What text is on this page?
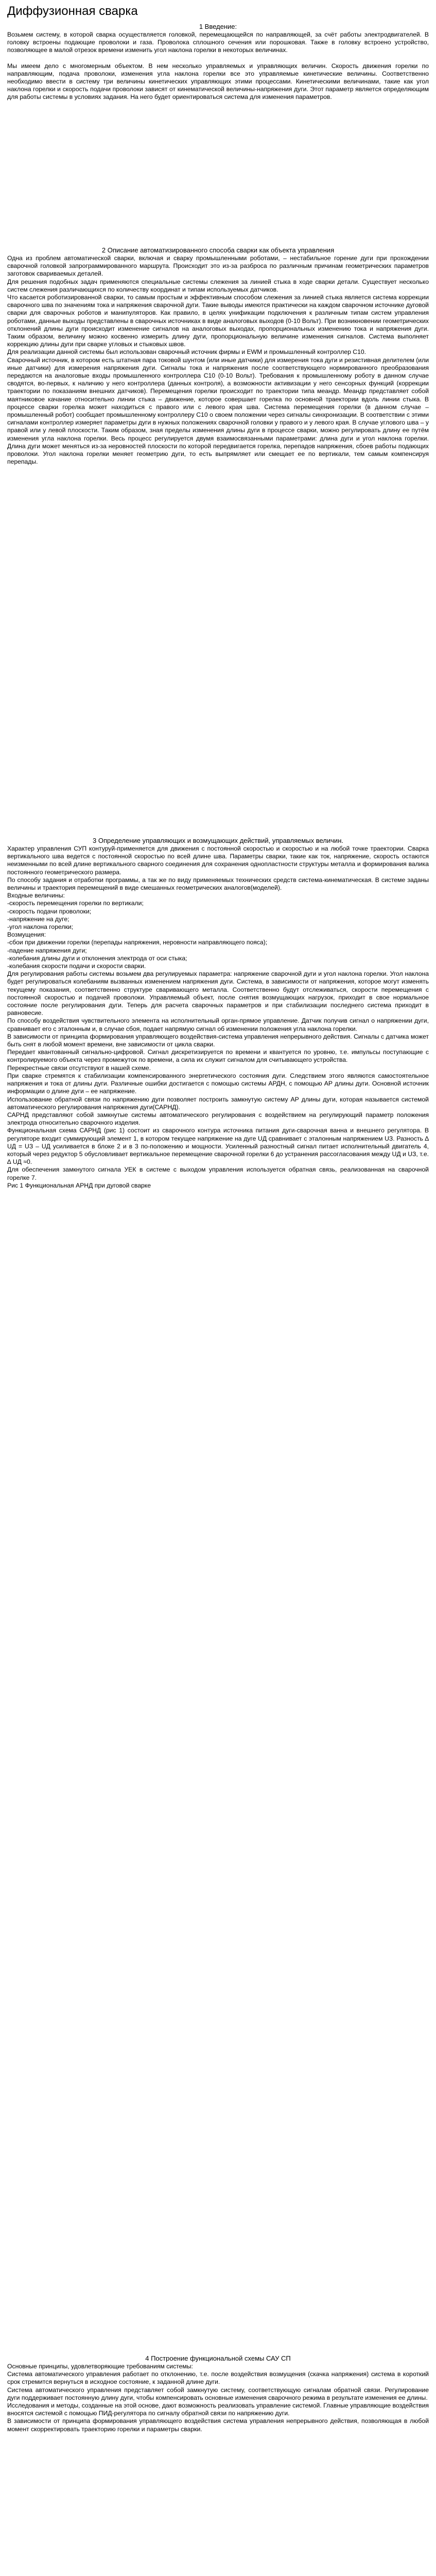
Диффузионная сварка

1 Введение:

Возьмем систему, в которой сварка осуществляется головкой, перемещающейся по направляющей, за счёт работы электродвигателей. В головку встроены подающие проволоки и газа. Проволока сплошного сечения или порошковая. Также в головку встроено устройство, позволяющее в малой отрезок времени изменить угол наклона горелки в некоторых величинах.

Мы имеем дело с многомерным объектом. В нем несколько управляемых и управляющих величин. Скорость движения горелки по направляющим, подача проволоки, изменения угла наклона горелки все это управляемые кинетические величины. Соответственно необходимо ввести в систему три величины кинетических управляющих этими процессами. Кинетическими величинами, такие как угол наклона горелки и скорость подачи проволоки зависят от кинематической величины-напряжения дуги. Этот параметр является определяющим для работы системы в условиях задания. На него будет ориентироваться система для изменения параметров.

2 Описание автоматизированного способа сварки как объекта управления

Одна из проблем автоматической сварки, включая и сварку промышленными роботами, – нестабильное горение дуги при прохождении сварочной головкой запрограммированного маршрута. Происходит это из-за разброса по различным причинам геометрических параметров заготовок свариваемых деталей.

Для решения подобных задач применяются специальные системы слежения за линией стыка в ходе сварки детали. Существует несколько систем слежения различающихся по количеству координат и типам используемых датчиков.

Что касается роботизированной сварки, то самым простым и эффективным способом слежения за линией стыка является система коррекции сварочного шва по значениям тока и напряжения сварочной дуги. Такие выводы имеются практически на каждом сварочном источнике дуговой сварки для сварочных роботов и манипуляторов. Как правило, в целях унификации подключения к различным типам систем управления роботами, данные выходы представлены в сварочных источниках в виде аналоговых выходов (0-10 Вольт). При возникновении геометрических отклонений длины дуги происходит изменение сигналов на аналоговых выходах, пропорциональных изменению тока и напряжения дуги. Таким образом, величину можно косвенно измерить длину дуги, пропорциональную величине изменения сигналов. Система выполняет коррекцию длины дуги при сварке угловых и стыковых швов.

Для реализации данной системы был использован сварочный источник фирмы и EWM и промышленный контроллер С10.

Сварочный источник, в котором есть штатная пара токовой шунтом (или иные датчики) для измерения тока дуги и резистивная делителем (или иные датчики) для измерения напряжения дуги. Сигналы тока и напряжения после соответствующего нормированного преобразования передаются на аналоговые входы промышленного контроллера С10 (0-10 Вольт). Требования к промышленному роботу в данном случае сводятся, во-первых, к наличию у него контроллера (данных контроля), а возможности активизации у него сенсорных функций (коррекции траектории по показаниям внешних датчиков). Перемещения горелки происходит по траектории типа меандр. Меандр представляет собой маятниковое качание относительно линии стыка – движение, которое совершает горелка по основной траектории вдоль линии стыка. В процессе сварки горелка может находиться с правого или с левого края шва. Система перемещения горелки (в данном случае – промышленный робот) сообщает промышленному контроллеру С10 о своем положении через сигналы синхронизации. В соответствии с этими сигналами контроллер измеряет параметры дуги в нужных положениях сварочной головки у правого и у левого края. В случае углового шва – у правой или у левой плоскости. Таким образом, зная пределы изменения длины дуги в процессе сварки, можно регулировать длину ее путём изменения угла наклона горелки. Весь процесс регулируется двумя взаимосвязанными параметрами: длина дуги и угол наклона горелки. Длина дуги может меняться из-за неровностей плоскости по которой передвигается горелка, перепадов напряжения, сбоев работы подающих проволоки. Угол наклона горелки меняет геометрию дуги, то есть выпрямляет или смещает ее по вертикали, тем самым компенсируя перепады.

3 Определение управляющих и возмущающих действий, управляемых величин.

Характер управления СУП контуруй-применяется для движения с постоянной скоростью и скоростью и на любой точке траектории. Сварка вертикального шва ведется с постоянной скоростью по всей длине шва. Параметры сварки, такие как ток, напряжение, скорость остаются неизменными по всей длине вертикального сварного соединения для сохранения однопластности структуры металла и формирования валика постоянного геометрического размера.

По способу задания и отработки программы, а так же по виду применяемых технических средств система-кинематическая. В системе заданы величины и траектория перемещений в виде смешанных геометрических аналогов(моделей).

Входные величины:

-скорость перемещения горелки по вертикали;

-скорость подачи проволоки;

-напряжение на дуге;

-угол наклона горелки;

Возмущения:

-сбои при движении горелки (перепады напряжения, неровности направляющего пояса);

-падение напряжения дуги;

-колебания длины дуги и отклонения электрода от оси стыка;

-колебания скорости подачи и скорости сварки.

Для регулирования работы системы возьмем два регулируемых параметра: напряжение сварочной дуги и угол наклона горелки. Угол наклона будет регулироваться колебаниям вызванных изменением напряжения дуги. Система, в зависимости от напряжения, которое могут изменять текущему показания, соответственно структуре сваривающего металла. Соответственно будут отслеживаться, скорости перемещения с постоянной скоростью и подачей проволоки. Управляемый объект, после снятия возмущающих нагрузок, приходит в свое нормальное состояние после регулирования дуги. Теперь для расчета сварочных параметров и при стабилизации последнего система приходит в равновесие.

По способу воздействия чувствительного элемента на исполнительный орган-прямое управление. Датчик получив сигнал о напряжении дуги, сравнивает его с эталонным и, в случае сбоя, подает напрямую сигнал об изменении положения угла наклона горелки.

В зависимости от принципа формирования управляющего воздействия-система управления непрерывного действия. Сигналы с датчика может быть снят в любой момент времени, вне зависимости от цикла сварки.

Передает квантованный сигнально-цифровой. Сигнал дискретизируется по времени и квантуется по уровню, т.е. импульсы поступающие с контролируемого объекта через промежуток по времени, а сила их служит сигналом для считывающего устройства.

Перекрестные связи отсутствуют в нашей схеме.

При сварке стремятся к стабилизации компенсированного энергетического состояния дуги. Следствием этого являются самостоятельное напряжения и тока от длины дуги. Различные ошибки достигается с помощью системы АРДН, с помощью АР длины дуги. Основной источник информации о длине дуги – ее напряжение.

Использование обратной связи по напряжению дуги позволяет построить замкнутую систему АР длины дуги, которая называется системой автоматического регулирования напряжения дуги(САРНД).

САРНД представляют собой замкнутые системы автоматического регулирования с воздействием на регулирующий параметр положения электрода относительно сварочного изделия.

Функциональная схема САРНД (рис 1) состоит из сварочного контура источника питания дуги-сварочная ванна и внешнего регулятора. В регуляторе входит суммирующий элемент 1, в котором текущее напряжение на дуге UД сравнивает с эталонным напряжением UЗ. Разность ∆ UД = UЗ – UД усиливается в блоке 2 и в 3 по-положению и мощности. Усиленный разностный сигнал питает исполнительный двигатель 4, который через редуктор 5 обусловливает вертикальное перемещение сварочной горелки 6 до устранения рассогласования между UД и UЗ, т.е. ∆ UД ≈0.

Для обеспечения замкнутого сигнала УЕК в системе с выходом управления используется обратная связь, реализованная на сварочной горелке 7.

Рис 1 Функциональная АРНД при дуговой сварке

4 Построение функциональной схемы САУ СП

Основные принципы, удовлетворяющие требованиям системы:

Система автоматического управления работает по отклонению, т.е. после воздействия возмущения (скачка напряжения) система в короткий срок стремится вернуться в исходное состояние, к заданной длине дуги.

Система автоматического управления представляет собой замкнутую систему, соответствующую сигналам обратной связи. Регулирование дуги поддерживает постоянную длину дуги, чтобы компенсировать основные изменения сварочного режима в результате изменения ее длины.

Исследования и методы, созданные на этой основе, дают возможность реализовать управление системой. Главные управляющие воздействия вносятся системой с помощью ПИД-регулятора по сигналу обратной связи по напряжению дуги.

В зависимости от принципа формирования управляющего воздействия система управления непрерывного действия, позволяющая в любой момент скорректировать траекторию горелки и параметры сварки.
